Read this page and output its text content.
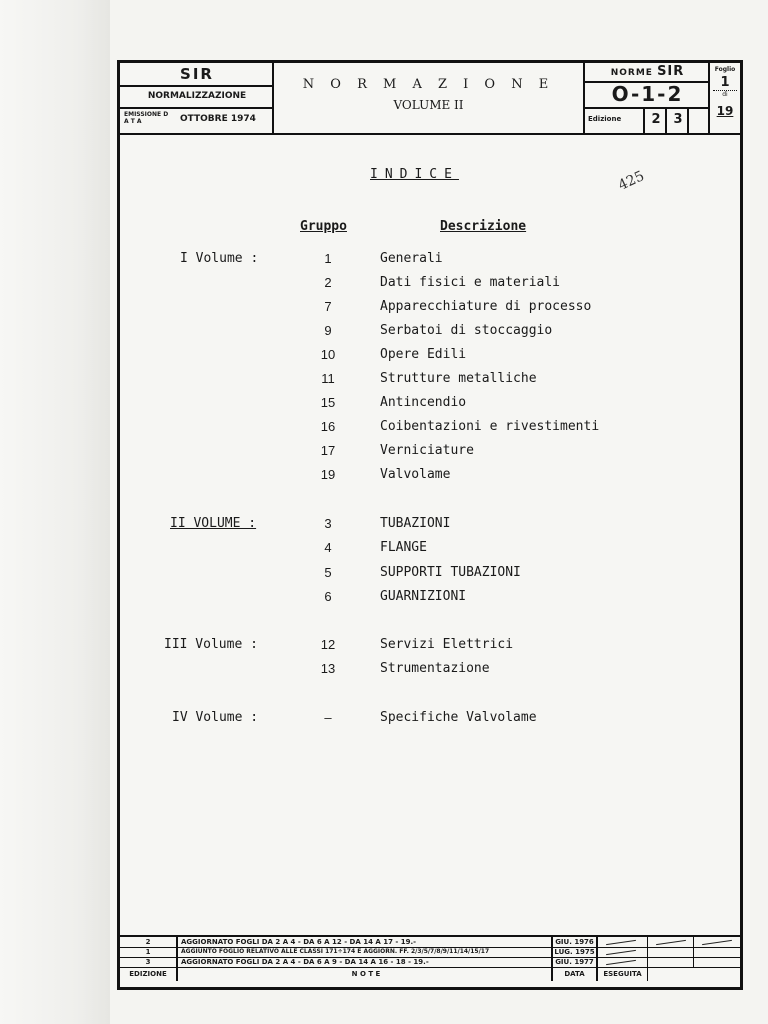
SIR
NORMALIZZAZIONE
EMISSIONE D A T A	OTTOBRE 1974
N O R M A Z I O N E
VOLUME II
NORME SIR
O-1-2
Edizione	2 3
Foglio
1
di
19
INDICE	425
Gruppo	Descrizione
I Volume :	1	Generali
2	Dati fisici e materiali
7	Apparecchiature di processo
9	Serbatoi di stoccaggio
10	Opere Edili
11	Strutture metalliche
15	Antincendio
16	Coibentazioni e rivestimenti
17	Verniciature
19	Valvolame
II VOLUME :	3	TUBAZIONI
4	FLANGE
5	SUPPORTI TUBAZIONI
6	GUARNIZIONI
III Volume :	12	Servizi Elettrici
13	Strumentazione
IV Volume :	–	Specifiche Valvolame
2	AGGIORNATO FOGLI DA 2 A 4 - DA 6 A 12 - DA 14 A 17 - 19.-	GIU. 1976
1	AGGIUNTO FOGLIO RELATIVO ALLE CLASSI 171÷174 E AGGIORN. FF. 2/3/5/7/8/9/11/14/15/17	LUG. 1975
3	AGGIORNATO FOGLI DA 2 A 4 - DA 6 A 9 - DA 14 A 16 - 18 - 19.-	GIU. 1977
EDIZIONE	N O T E	DATA	ESEGUITA
